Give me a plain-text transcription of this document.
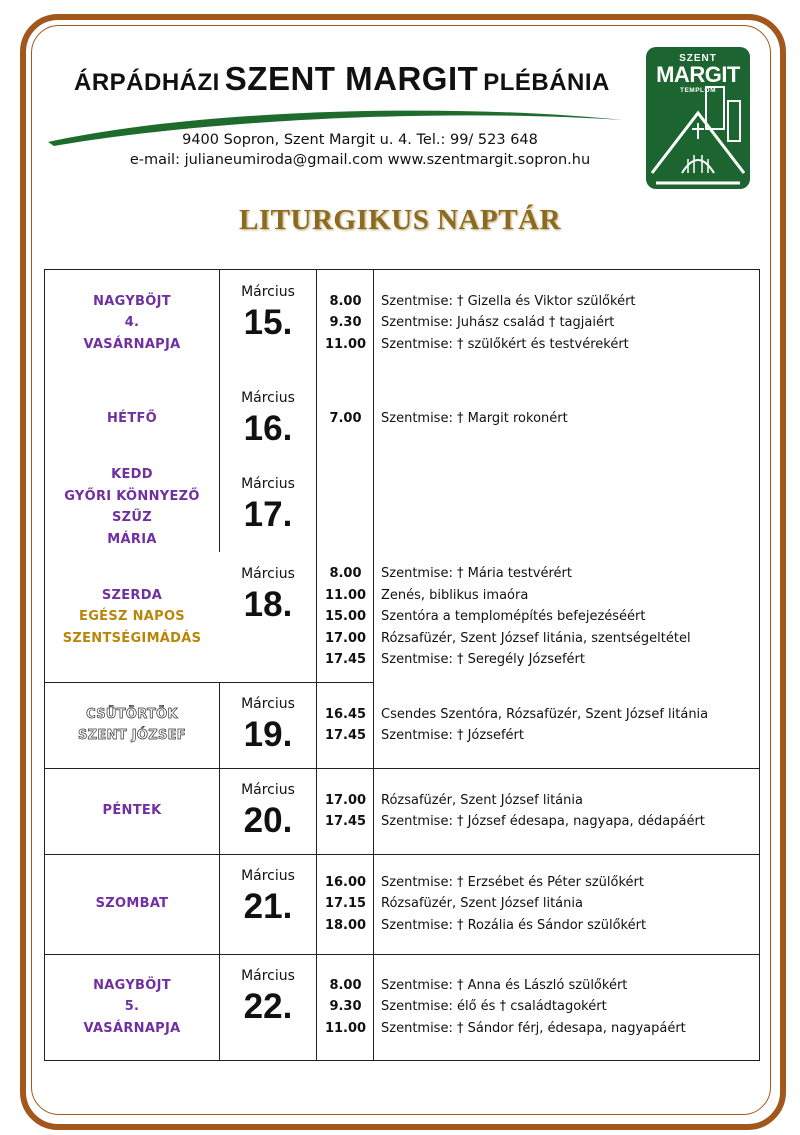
ÁRPÁDHÁZI SZENT MARGIT PLÉBÁNIA
9400 Sopron, Szent Margit u. 4. Tel.: 99/ 523 648
e-mail: julianeumiroda@gmail.com www.szentmargit.sopron.hu
SZENT
MARGIT
TEMPLOM
LITURGIKUS NAPTÁR
NAGYBÖJT
4.
VASÁRNAPJA
Március
15.
8.00
9.30
11.00
Szentmise: † Gizella és Viktor szülőkért
Szentmise: Juhász család † tagjaiért
Szentmise: † szülőkért és testvérekért
HÉTFŐ
Március
16.	7.00	Szentmise: † Margit rokonért
KEDD
GYŐRI KÖNNYEZŐ SZŰZ
MÁRIA
Március
17.
SZERDA
EGÉSZ NAPOS
SZENTSÉGIMÁDÁS
Március
18.
8.00
11.00
15.00
17.00
17.45
Szentmise: † Mária testvérért
Zenés, biblikus imaóra
Szentóra a templomépítés befejezéséért
Rózsafüzér, Szent József litánia, szentségeltétel
Szentmise: † Seregély Józsefért
CSÜTÖRTÖK
SZENT JÓZSEF
Március
19.
16.45
17.45
Csendes Szentóra, Rózsafüzér, Szent József litánia
Szentmise: † Józsefért
PÉNTEK
Március
20.
17.00
17.45
Rózsafüzér, Szent József litánia
Szentmise: † József édesapa, nagyapa, dédapáért
SZOMBAT
Március
21.
16.00
17.15
18.00
Szentmise: † Erzsébet és Péter szülőkért
Rózsafüzér, Szent József litánia
Szentmise: † Rozália és Sándor szülőkért
NAGYBÖJT
5.
VASÁRNAPJA
Március
22.
8.00
9.30
11.00
Szentmise: † Anna és László szülőkért
Szentmise: élő és † családtagokért
Szentmise: † Sándor férj, édesapa, nagyapáért
